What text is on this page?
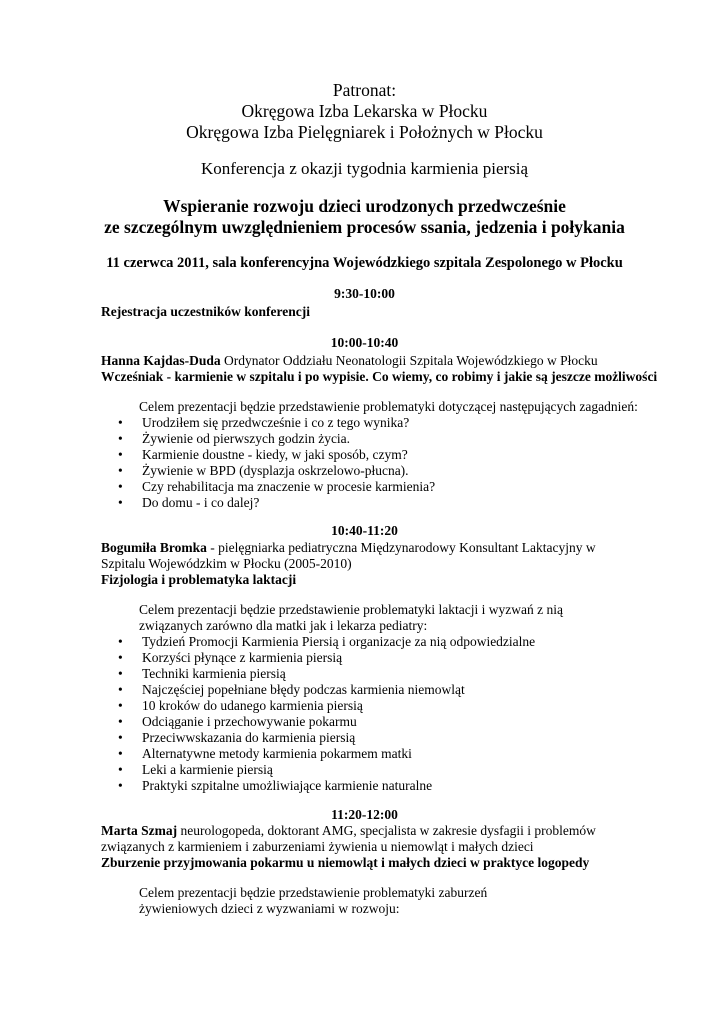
Patronat:
Okręgowa Izba Lekarska w Płocku
Okręgowa Izba Pielęgniarek i Położnych w Płocku
Konferencja z okazji tygodnia karmienia piersią
Wspieranie rozwoju dzieci urodzonych przedwcześnie
ze szczególnym uwzględnieniem procesów ssania, jedzenia i połykania
11 czerwca 2011, sala konferencyjna Wojewódzkiego szpitala Zespolonego w Płocku
9:30-10:00
Rejestracja uczestników konferencji
10:00-10:40
Hanna Kajdas-Duda Ordynator Oddziału Neonatologii Szpitala Wojewódzkiego w Płocku
Wcześniak - karmienie w szpitalu i po wypisie. Co wiemy, co robimy i jakie są jeszcze możliwości
Celem prezentacji będzie przedstawienie problematyki dotyczącej następujących zagadnień:
• Urodziłem się przedwcześnie i co z tego wynika?
• Żywienie od pierwszych godzin życia.
• Karmienie doustne - kiedy, w jaki sposób, czym?
• Żywienie w BPD (dysplazja oskrzelowo-płucna).
• Czy rehabilitacja ma znaczenie w procesie karmienia?
• Do domu - i co dalej?
10:40-11:20
Bogumiła Bromka - pielęgniarka pediatryczna Międzynarodowy Konsultant Laktacyjny w Szpitalu Wojewódzkim w Płocku (2005-2010)
Fizjologia i problematyka laktacji
Celem prezentacji będzie przedstawienie problematyki laktacji i wyzwań z nią związanych zarówno dla matki jak i lekarza pediatry:
• Tydzień Promocji Karmienia Piersią i organizacje za nią odpowiedzialne
• Korzyści płynące z karmienia piersią
• Techniki karmienia piersią
• Najczęściej popełniane błędy podczas karmienia niemowląt
• 10 kroków do udanego karmienia piersią
• Odciąganie i przechowywanie pokarmu
• Przeciwwskazania do karmienia piersią
• Alternatywne metody karmienia pokarmem matki
• Leki a karmienie piersią
• Praktyki szpitalne umożliwiające karmienie naturalne
11:20-12:00
Marta Szmaj neurologopeda, doktorant AMG, specjalista w zakresie dysfagii i problemów związanych z karmieniem i zaburzeniami żywienia u niemowląt i małych dzieci
Zburzenie przyjmowania pokarmu u niemowląt i małych dzieci w praktyce logopedy
Celem prezentacji będzie przedstawienie problematyki zaburzeń żywieniowych dzieci z wyzwaniami w rozwoju:
